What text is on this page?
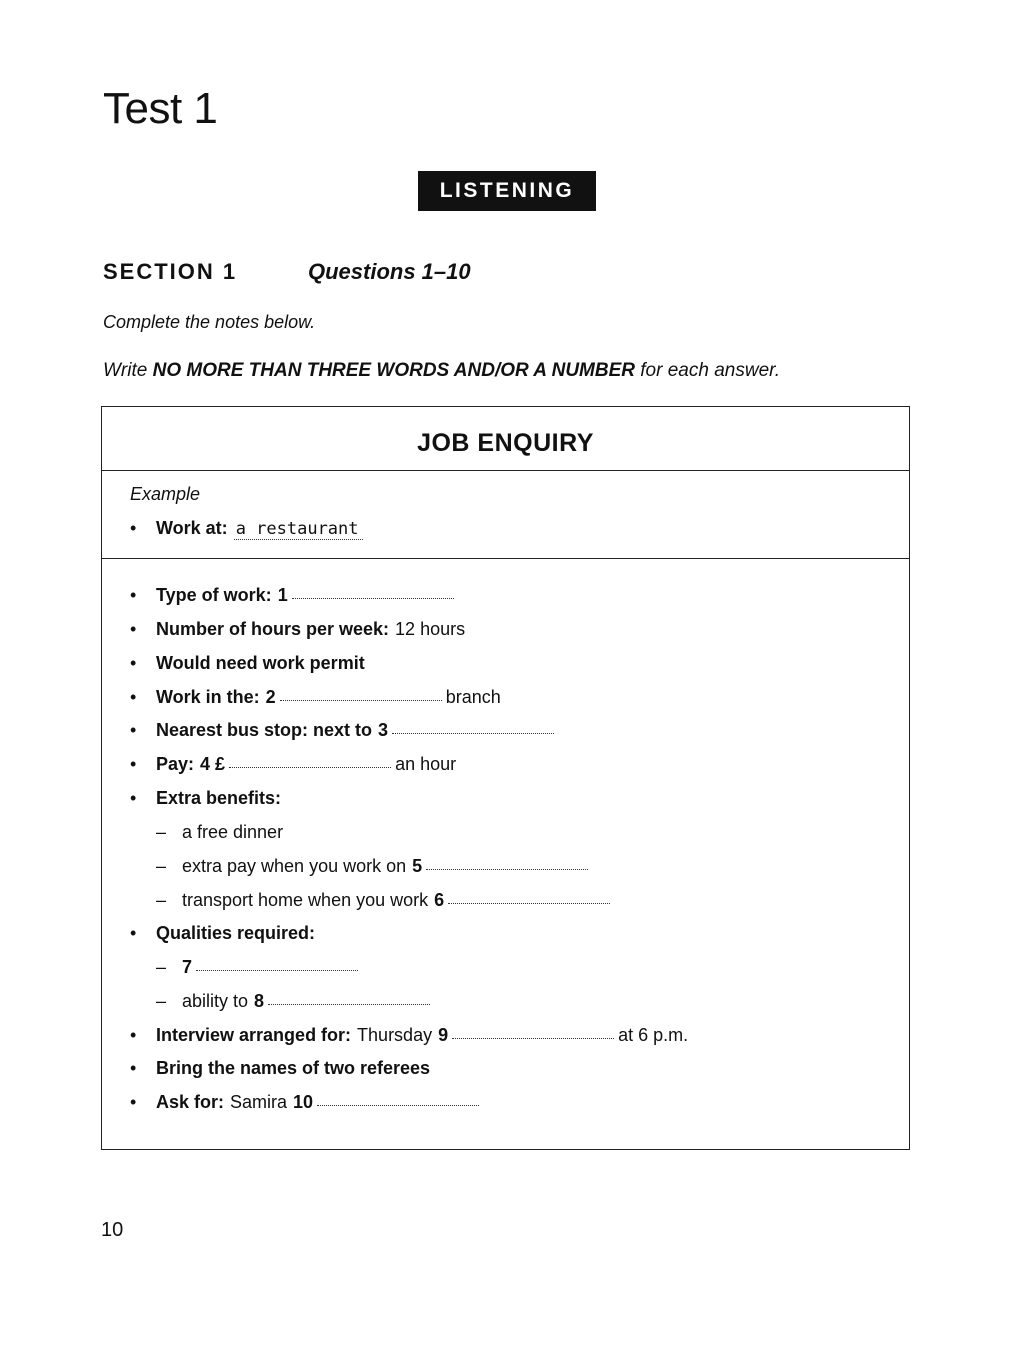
Test 1
LISTENING
SECTION 1	Questions 1–10
Complete the notes below.
Write NO MORE THAN THREE WORDS AND/OR A NUMBER for each answer.
JOB ENQUIRY
Example
•	Work at: a restaurant
•	Type of work: 1
•	Number of hours per week: 12 hours
•	Would need work permit
•	Work in the: 2	branch
•	Nearest bus stop: next to 3
•	Pay: 4 £	an hour
•	Extra benefits:
– a free dinner
– extra pay when you work on 5
– transport home when you work 6
•	Qualities required:
– 7
– ability to 8
•	Interview arranged for: Thursday 9	at 6 p.m.
•	Bring the names of two referees
•	Ask for: Samira 10
10
